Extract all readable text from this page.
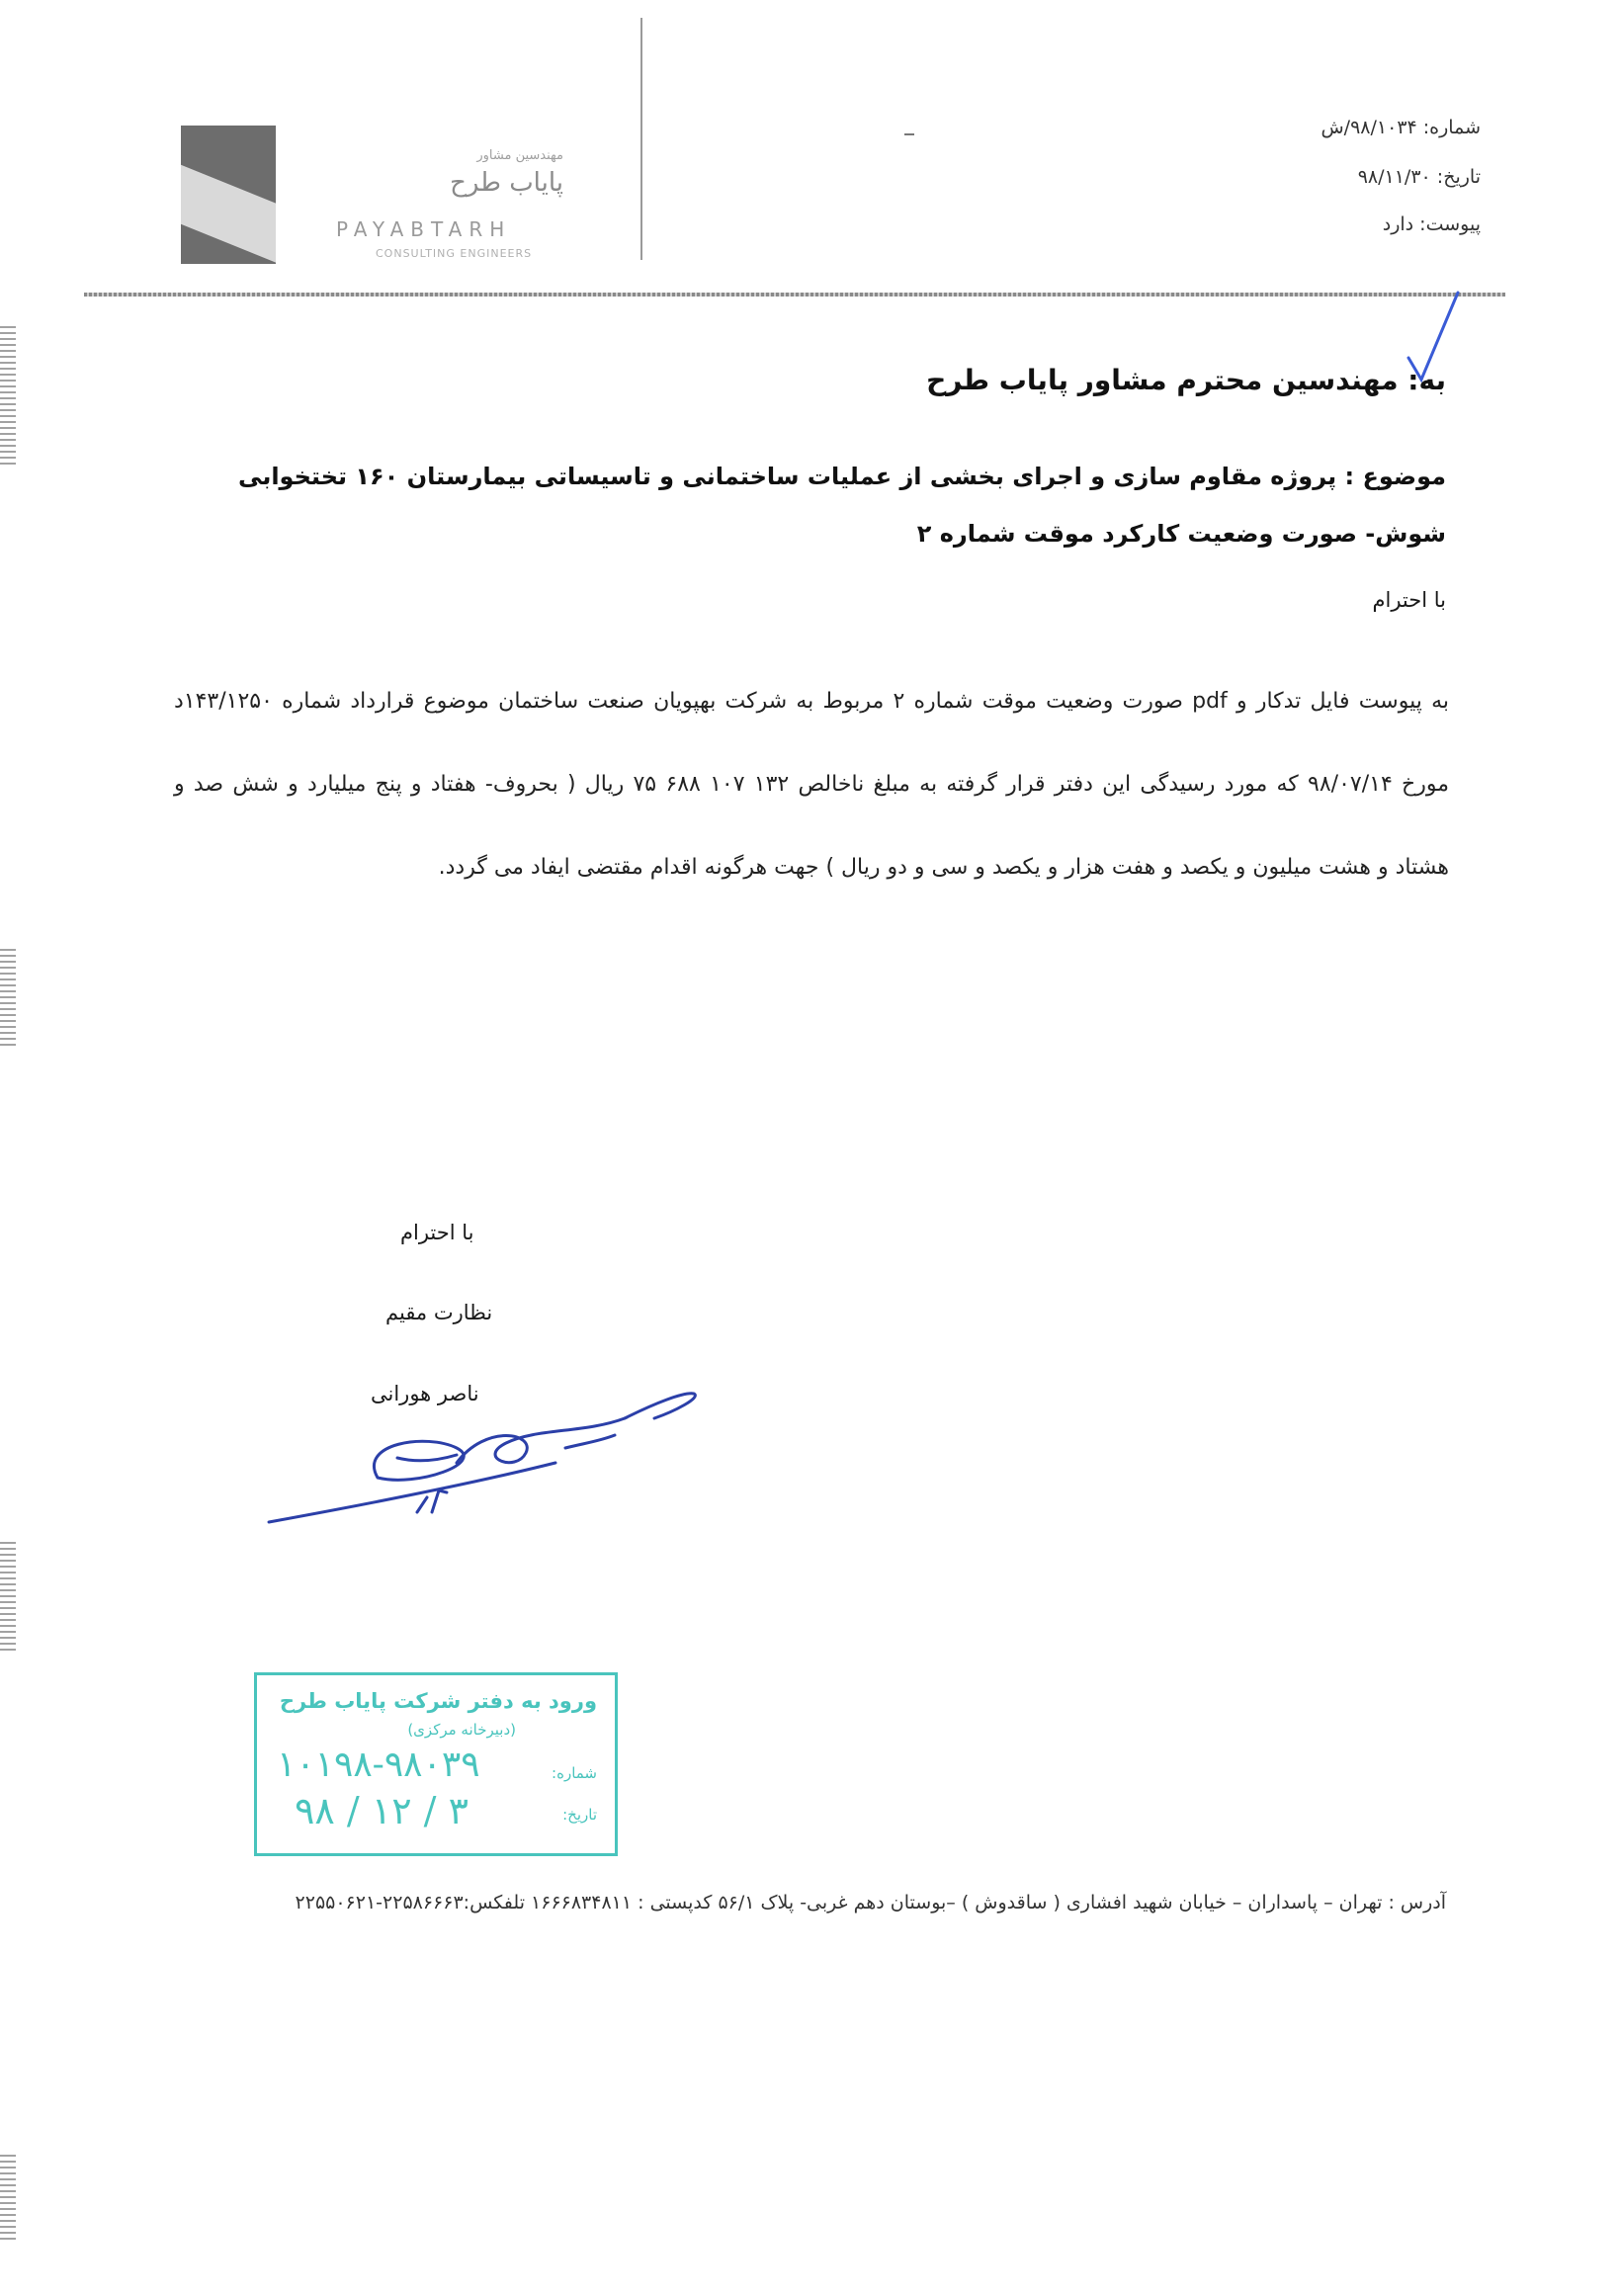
مهندسین مشاور
پایاب طرح
PAYABTARH
CONSULTING ENGINEERS
شماره: ۹۸/۱۰۳۴/ش
تاریخ: ۹۸/۱۱/۳۰
پیوست: دارد
به: مهندسین محترم مشاور پایاب طرح
موضوع : پروژه مقاوم سازی و اجرای بخشی از عملیات ساختمانی و تاسیساتی بیمارستان ۱۶۰ تختخوابی شوش- صورت وضعیت کارکرد موقت شماره ۲
با احترام
به پیوست فایل تدکار و pdf صورت وضعیت موقت شماره ۲ مربوط به شرکت بهپویان صنعت ساختمان موضوع قرارداد شماره ۱۴۳/۱۲۵۰د مورخ ۹۸/۰۷/۱۴ که مورد رسیدگی این دفتر قرار گرفته به مبلغ ناخالص ۱۳۲ ۱۰۷ ۶۸۸ ۷۵ ریال ( بحروف- هفتاد و پنج میلیارد و شش صد و هشتاد و هشت میلیون و یکصد و هفت هزار و یکصد و سی و دو ریال ) جهت هرگونه اقدام مقتضی ایفاد می گردد.
با احترام
نظارت مقیم
ناصر هورانی
ورود به دفتر شرکت پایاب طرح
(دبیرخانه مرکزی)
شماره:
تاریخ:
۱۰۱۹۸-۹۸۰۳۹
۹۸ / ۱۲ / ۳
آدرس : تهران – پاسداران – خیابان شهید افشاری ( ساقدوش ) –بوستان دهم غربی- پلاک ۵۶/۱ کدپستی : ۱۶۶۶۸۳۴۸۱۱ تلفکس:۲۲۵۸۶۶۶۳-۲۲۵۵۰۶۲۱
